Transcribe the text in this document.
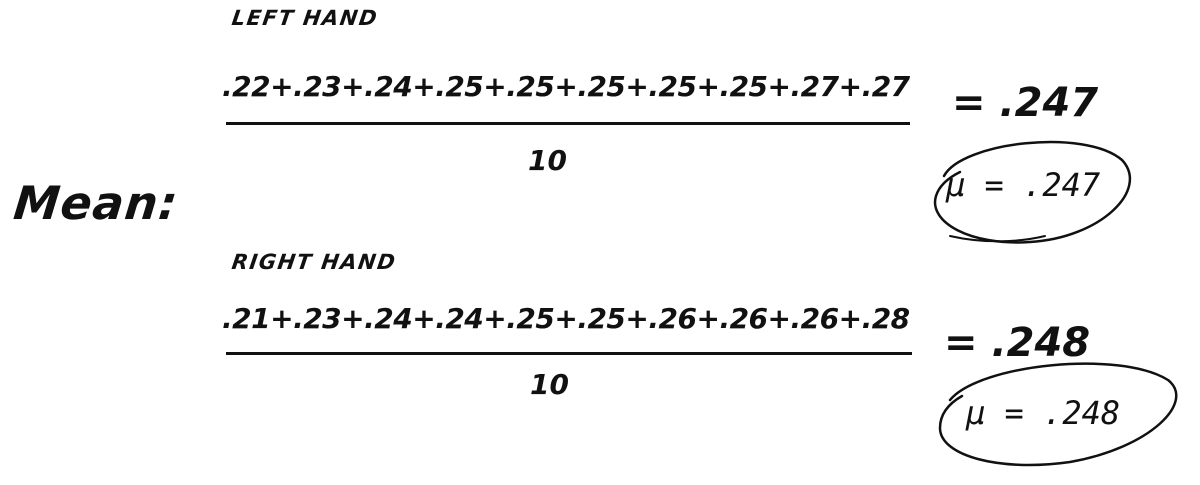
Mean:
LEFT HAND
.22+.23+.24+.25+.25+.25+.25+.25+.27+.27
10
= .247
μ = .247
RIGHT HAND
.21+.23+.24+.24+.25+.25+.26+.26+.26+.28
10
= .248
μ = .248
